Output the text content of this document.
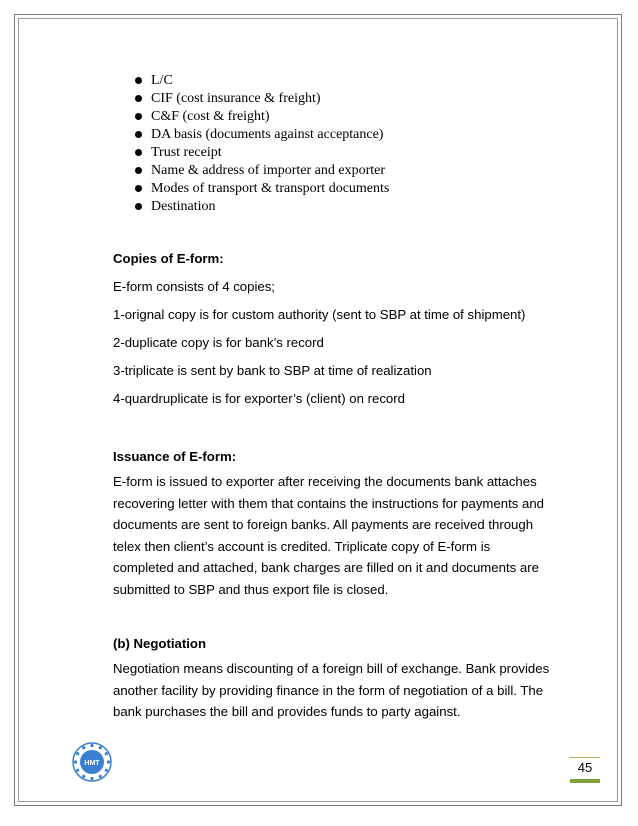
L/C
CIF (cost insurance & freight)
C&F (cost & freight)
DA basis (documents against acceptance)
Trust receipt
Name & address of importer and exporter
Modes of transport & transport documents
Destination
Copies of E-form:

E-form consists of 4 copies;

1-orignal copy is for custom authority (sent to SBP at time of shipment)

2-duplicate copy is for bank’s record

3-triplicate is sent by bank to SBP at time of realization

4-quardruplicate is for exporter’s (client) on record

Issuance of E-form:
E-form is issued to exporter after receiving the documents bank attaches
recovering letter with them that contains the instructions for payments and
documents are sent to foreign banks. All payments are received through
telex then client’s account is credited. Triplicate copy of E-form is
completed and attached, bank charges are filled on it and documents are
submitted to SBP and thus export file is closed.
(b) Negotiation
Negotiation means discounting of a foreign bill of exchange. Bank provides
another facility by providing finance in the form of negotiation of a bill. The
bank purchases the bill and provides funds to party against.
HMT	45
